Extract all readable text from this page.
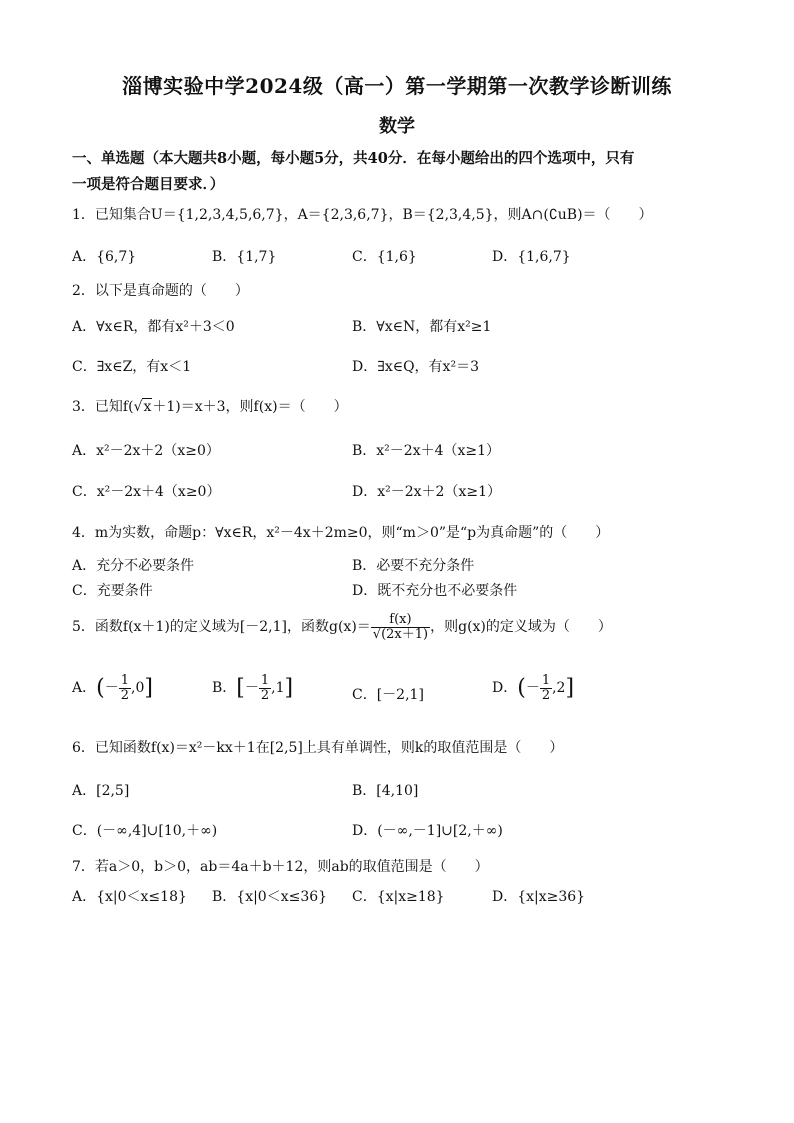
淄博实验中学2024级（高一）第一学期第一次教学诊断训练
数学
一、单选题（本大题共8小题，每小题5分，共40分．在每小题给出的四个选项中，只有
一项是符合题目要求．）
1．已知集合U＝{1,2,3,4,5,6,7}，A＝{2,3,6,7}，B＝{2,3,4,5}，则A∩(∁uB)＝（　　）
A．{6,7}	B．{1,7}	C．{1,6}	D．{1,6,7}
2．以下是真命题的（　　）
A．∀x∈R，都有x²＋3＜0	B．∀x∈N，都有x²≥1
C．∃x∈Z，有x＜1	D．∃x∈Q，有x²＝3
3．已知f(√x＋1)＝x＋3，则f(x)＝（　　）
A．x²－2x＋2（x≥0）	B．x²－2x＋4（x≥1）
C．x²－2x＋4（x≥0）	D．x²－2x＋2（x≥1）
4．m为实数，命题p：∀x∈R，x²－4x＋2m≥0，则“m＞0”是“p为真命题”的（　　）
A．充分不必要条件	B．必要不充分条件
C．充要条件	D．既不充分也不必要条件
5．函数f(x＋1)的定义域为[－2,1]，函数$g(x)= \frac{f(x)}{√(2x+1)}$ ，则g(x)的定义域为（　　）
A．(－ $\frac{1}{2} ,0$]	B．[－ $\frac{1}{2} ,1$]	C．[－2,1]	D．(－ $\frac{1}{2} ,2$]
6．已知函数f(x)＝x²－kx＋1在[2,5]上具有单调性，则k的取值范围是（　　）
A．[2,5]	B．[4,10]
C．(－∞,4]∪[10,＋∞)	D．(－∞,－1]∪[2,＋∞)
7．若a＞0，b＞0，ab＝4a＋b＋12，则ab的取值范围是（　　）
A．{x|0＜x≤18} B．{x|0＜x≤36} C．{x|x≥18}	D．{x|x≥36}
